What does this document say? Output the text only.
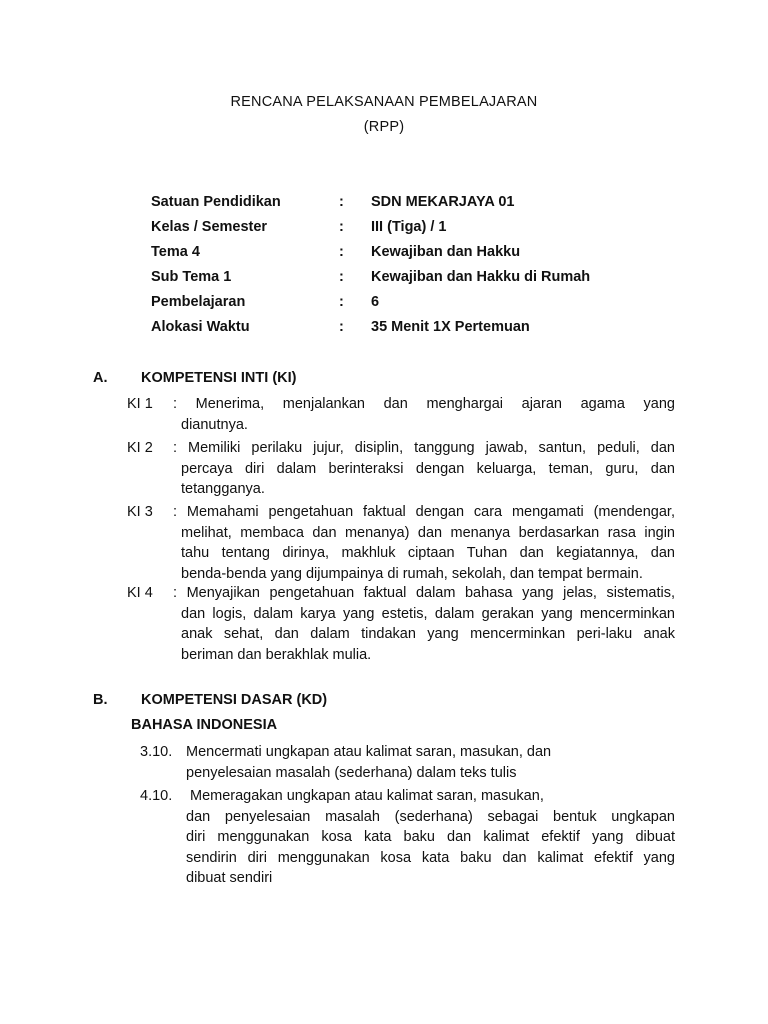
RENCANA PELAKSANAAN PEMBELAJARAN
(RPP)
Satuan Pendidikan	: SDN MEKARJAYA 01
Kelas / Semester	: III (Tiga) / 1
Tema 4	: Kewajiban dan Hakku
Sub Tema 1	: Kewajiban dan Hakku di Rumah
Pembelajaran	: 6
Alokasi Waktu	: 35 Menit 1X Pertemuan
A. KOMPETENSI INTI (KI)
KI 1 : Menerima, menjalankan dan menghargai ajaran agama yang
dianutnya.
KI 2 : Memiliki perilaku jujur, disiplin, tanggung jawab, santun, peduli, dan
percaya diri dalam berinteraksi dengan keluarga, teman, guru, dan
tetangganya.
KI 3 : Memahami pengetahuan faktual dengan cara mengamati (mendengar,
melihat, membaca dan menanya) dan menanya berdasarkan rasa ingin
tahu tentang dirinya, makhluk ciptaan Tuhan dan kegiatannya, dan
benda-benda yang dijumpainya di rumah, sekolah, dan tempat bermain.
KI 4 : Menyajikan pengetahuan faktual dalam bahasa yang jelas, sistematis,
dan logis, dalam karya yang estetis, dalam gerakan yang mencerminkan
anak sehat, dan dalam tindakan yang mencerminkan peri-laku anak
beriman dan berakhlak mulia.
B. KOMPETENSI DASAR (KD)
BAHASA INDONESIA
3.10. Mencermati ungkapan atau kalimat saran, masukan, dan
penyelesaian masalah (sederhana) dalam teks tulis
4.10. Memeragakan ungkapan atau kalimat saran, masukan,
dan penyelesaian masalah (sederhana) sebagai bentuk ungkapan
diri menggunakan kosa kata baku dan kalimat efektif yang dibuat
sendirin diri menggunakan kosa kata baku dan kalimat efektif yang
dibuat sendiri
